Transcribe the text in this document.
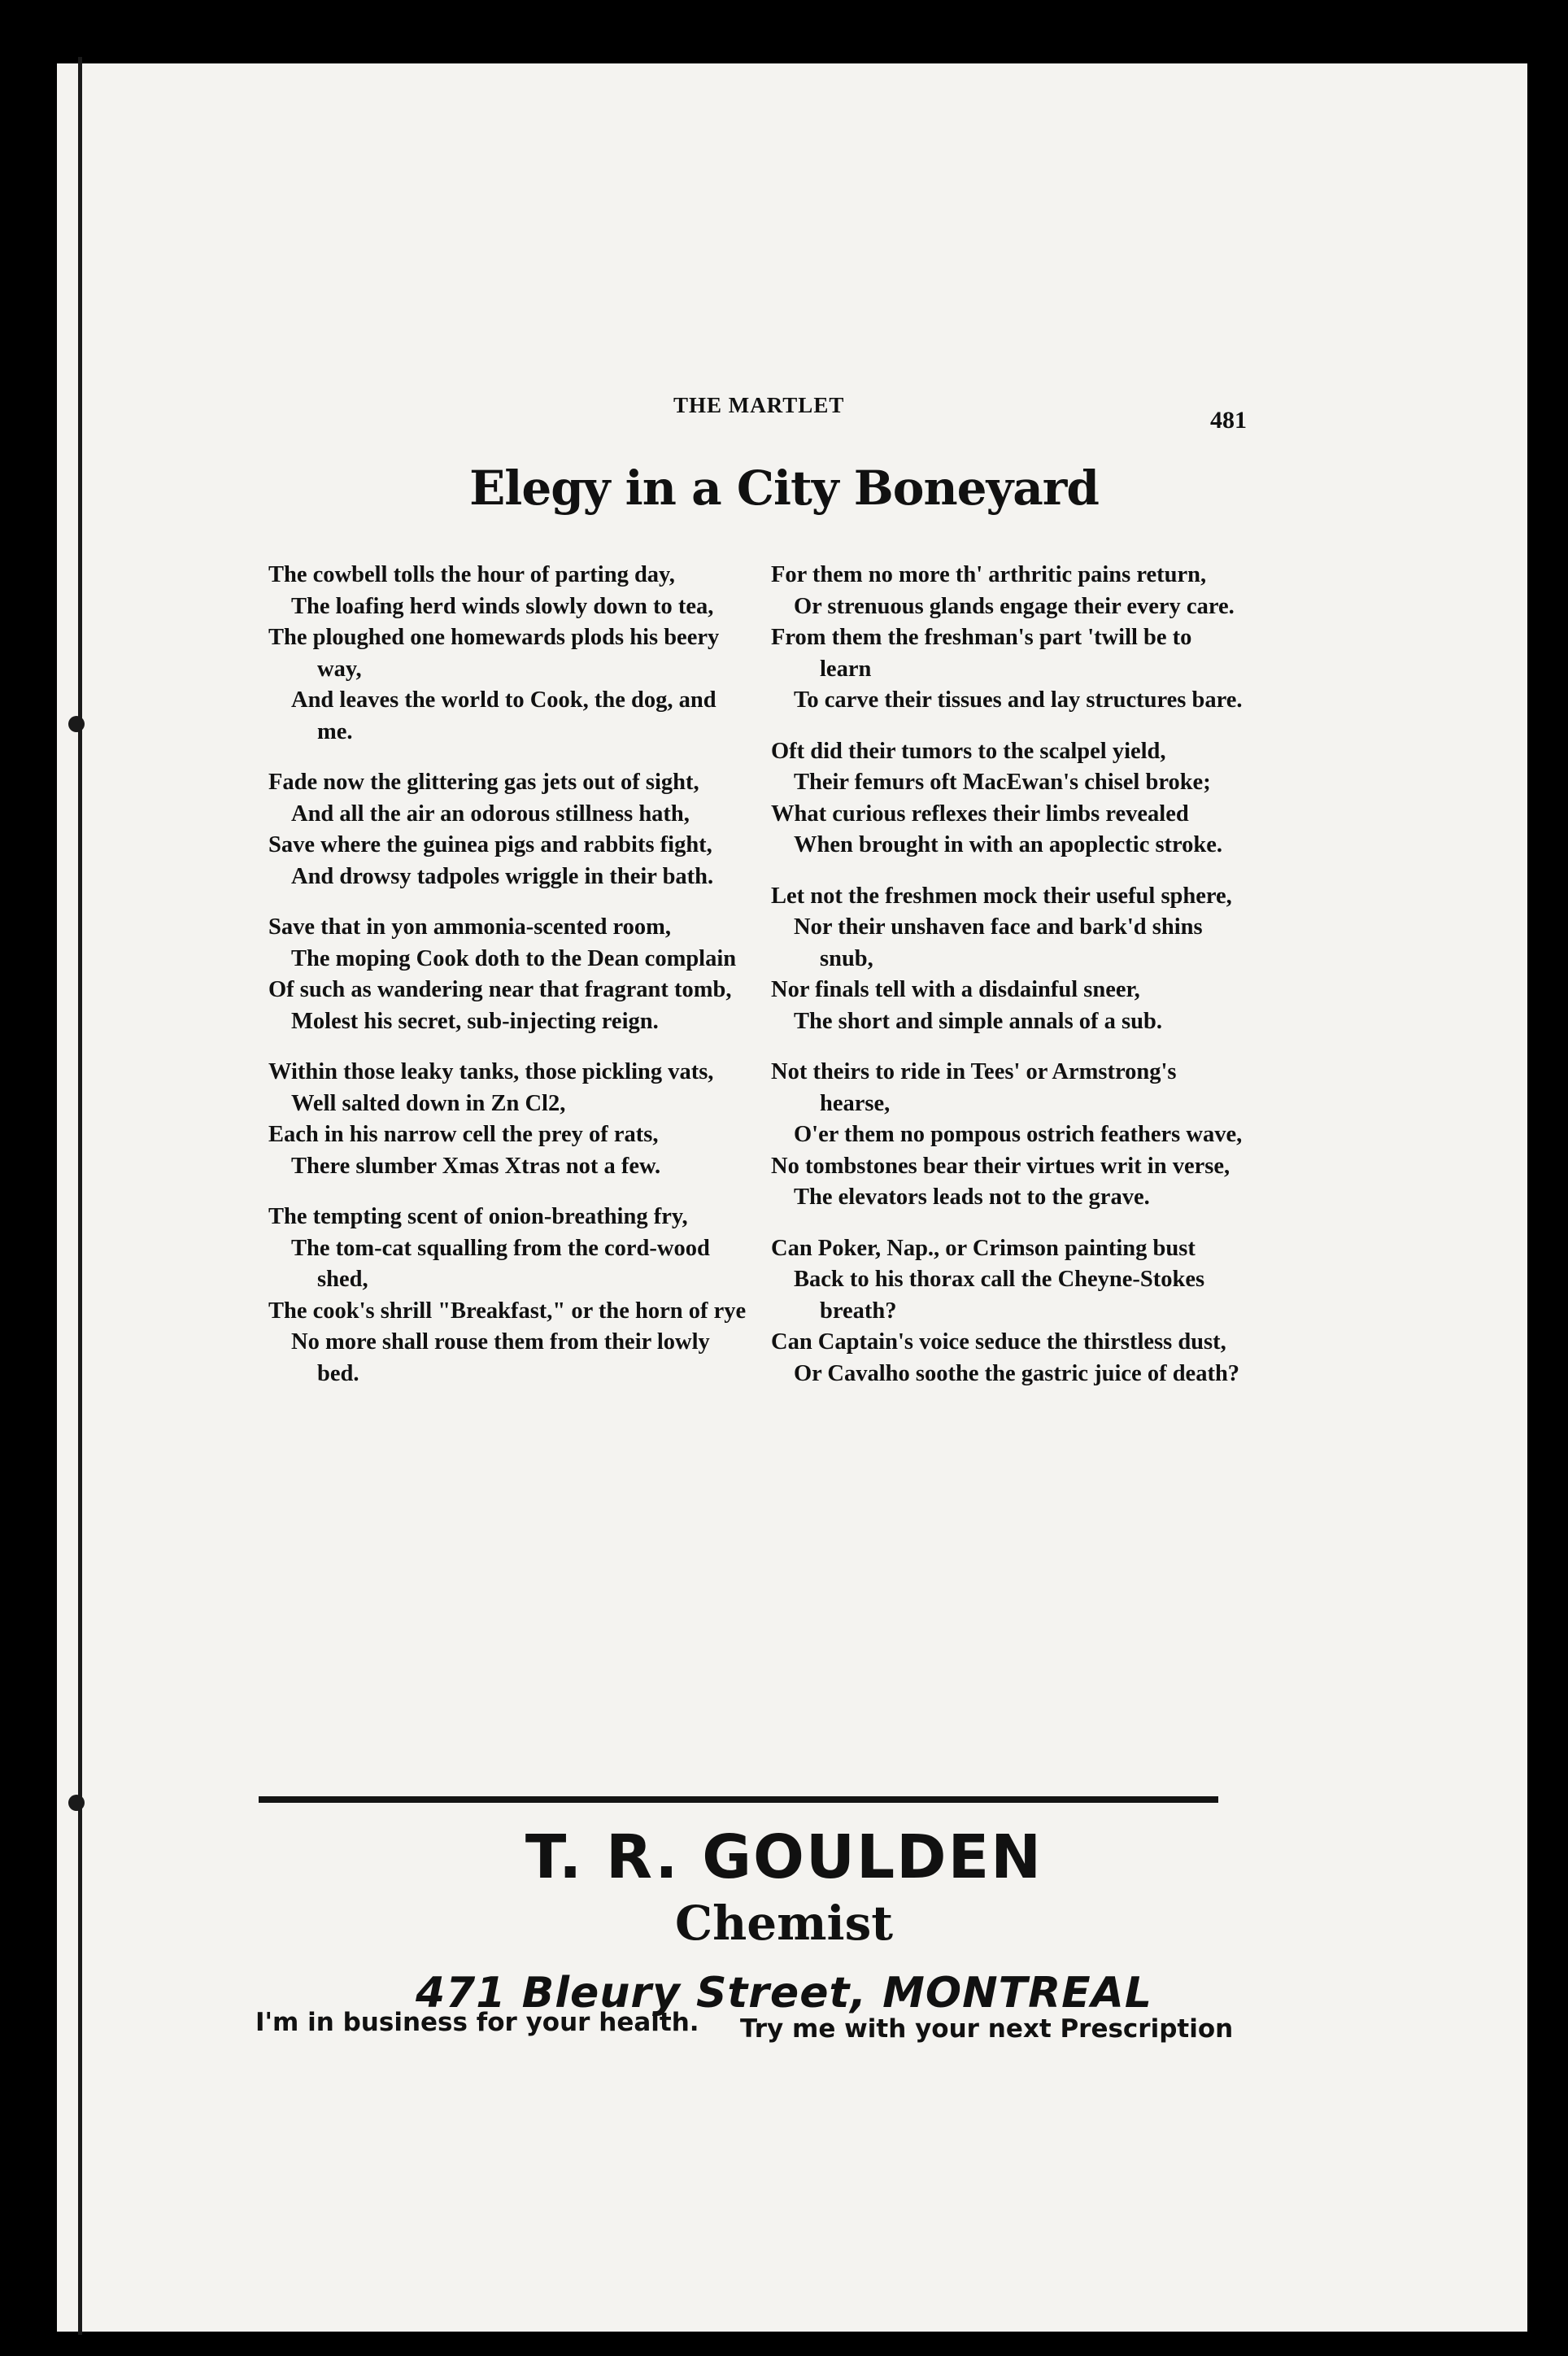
THE MARTLET
481
Elegy in a City Boneyard
The cowbell tolls the hour of parting day,
The loafing herd winds slowly down to tea,
The ploughed one homewards plods his beery way,
And leaves the world to Cook, the dog, and me.
Fade now the glittering gas jets out of sight,
And all the air an odorous stillness hath,
Save where the guinea pigs and rabbits fight,
And drowsy tadpoles wriggle in their bath.
Save that in yon ammonia-scented room,
The moping Cook doth to the Dean complain
Of such as wandering near that fragrant tomb,
Molest his secret, sub-injecting reign.
Within those leaky tanks, those pickling vats,
Well salted down in Zn Cl2,
Each in his narrow cell the prey of rats,
There slumber Xmas Xtras not a few.
The tempting scent of onion-breathing fry,
The tom-cat squalling from the cord-wood shed,
The cook's shrill "Breakfast," or the horn of rye
No more shall rouse them from their lowly bed.
For them no more th' arthritic pains return,
Or strenuous glands engage their every care.
From them the freshman's part 'twill be to learn
To carve their tissues and lay structures bare.
Oft did their tumors to the scalpel yield,
Their femurs oft MacEwan's chisel broke;
What curious reflexes their limbs revealed
When brought in with an apoplectic stroke.
Let not the freshmen mock their useful sphere,
Nor their unshaven face and bark'd shins snub,
Nor finals tell with a disdainful sneer,
The short and simple annals of a sub.
Not theirs to ride in Tees' or Armstrong's hearse,
O'er them no pompous ostrich feathers wave,
No tombstones bear their virtues writ in verse,
The elevators leads not to the grave.
Can Poker, Nap., or Crimson painting bust
Back to his thorax call the Cheyne-Stokes breath?
Can Captain's voice seduce the thirstless dust,
Or Cavalho soothe the gastric juice of death?
T. R. GOULDEN
Chemist
471 Bleury Street, MONTREAL
I'm in business for your health. Try me with your next Prescription
